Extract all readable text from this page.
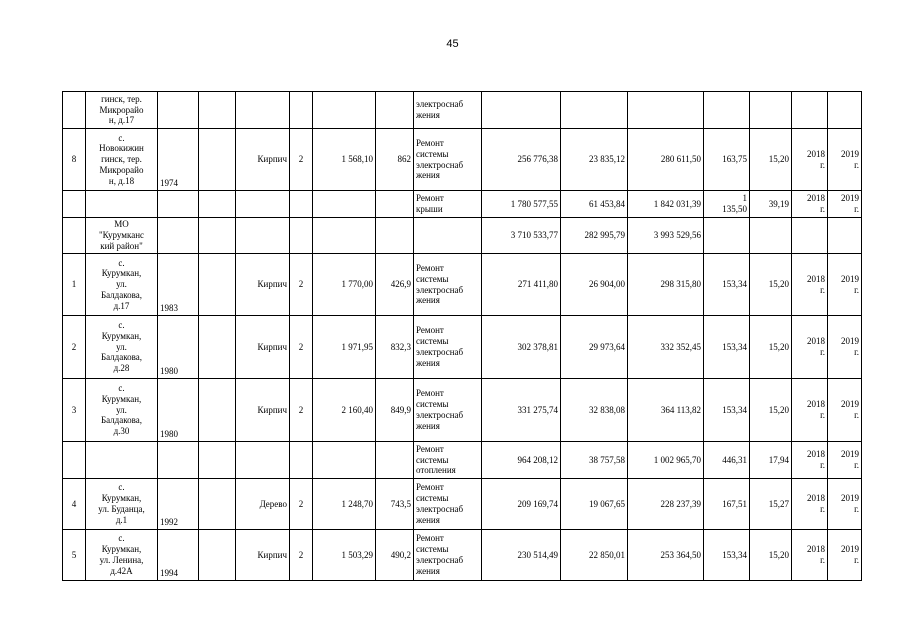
45
	гинск, тер.
Микрорайо
н, д.17							электроснаб
жения							
8	с.
Новокижин
гинск, тер.
Микрорайо
н, д.18	1974		Кирпич	2	1 568,10	862	Ремонт
системы
электроснаб
жения	256 776,38	23 835,12	280 611,50	163,75	15,20	2018
г.	2019
г.
								Ремонт
крыши	1 780 577,55	61 453,84	1 842 031,39	1
135,50	39,19	2018
г.	2019
г.
	МО
"Курумканс
кий район"								3 710 533,77	282 995,79	3 993 529,56				
1	с.
Курумкан,
ул.
Балдакова,
д.17	1983		Кирпич	2	1 770,00	426,9	Ремонт
системы
электроснаб
жения	271 411,80	26 904,00	298 315,80	153,34	15,20	2018
г.	2019
г.
2	с.
Курумкан,
ул.
Балдакова,
д.28	1980		Кирпич	2	1 971,95	832,3	Ремонт
системы
электроснаб
жения	302 378,81	29 973,64	332 352,45	153,34	15,20	2018
г.	2019
г.
3	с.
Курумкан,
ул.
Балдакова,
д.30	1980		Кирпич	2	2 160,40	849,9	Ремонт
системы
электроснаб
жения	331 275,74	32 838,08	364 113,82	153,34	15,20	2018
г.	2019
г.
								Ремонт
системы
отопления	964 208,12	38 757,58	1 002 965,70	446,31	17,94	2018
г.	2019
г.
4	с.
Курумкан,
ул. Буданца,
д.1	1992		Дерево	2	1 248,70	743,5	Ремонт
системы
электроснаб
жения	209 169,74	19 067,65	228 237,39	167,51	15,27	2018
г.	2019
г.
5	с.
Курумкан,
ул. Ленина,
д.42А	1994		Кирпич	2	1 503,29	490,2	Ремонт
системы
электроснаб
жения	230 514,49	22 850,01	253 364,50	153,34	15,20	2018
г.	2019
г.
